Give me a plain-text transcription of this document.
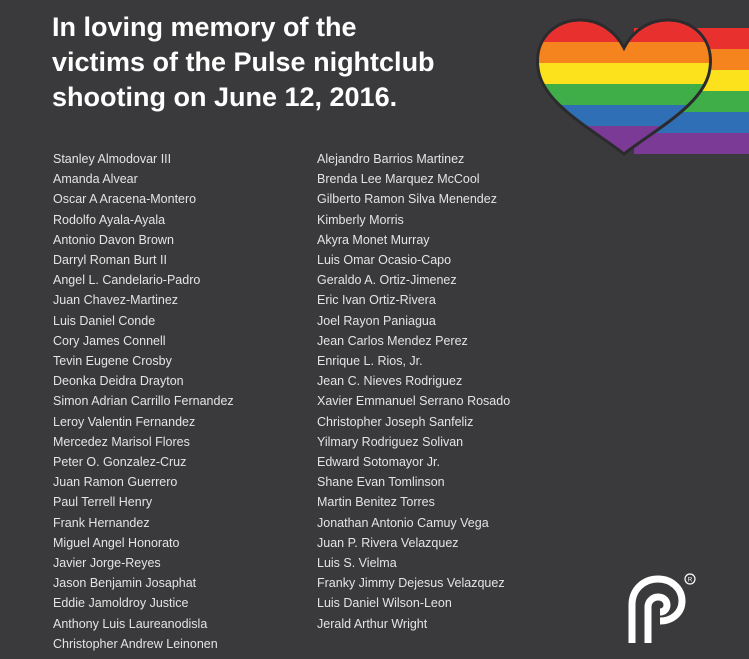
In loving memory of the
victims of the Pulse nightclub
shooting on June 12, 2016.
Stanley Almodovar III
Amanda Alvear
Oscar A Aracena-Montero
Rodolfo Ayala-Ayala
Antonio Davon Brown
Darryl Roman Burt II
Angel L. Candelario-Padro
Juan Chavez-Martinez
Luis Daniel Conde
Cory James Connell
Tevin Eugene Crosby
Deonka Deidra Drayton
Simon Adrian Carrillo Fernandez
Leroy Valentin Fernandez
Mercedez Marisol Flores
Peter O. Gonzalez-Cruz
Juan Ramon Guerrero
Paul Terrell Henry
Frank Hernandez
Miguel Angel Honorato
Javier Jorge-Reyes
Jason Benjamin Josaphat
Eddie Jamoldroy Justice
Anthony Luis Laureanodisla
Christopher Andrew Leinonen
Alejandro Barrios Martinez
Brenda Lee Marquez McCool
Gilberto Ramon Silva Menendez
Kimberly Morris
Akyra Monet Murray
Luis Omar Ocasio-Capo
Geraldo A. Ortiz-Jimenez
Eric Ivan Ortiz-Rivera
Joel Rayon Paniagua
Jean Carlos Mendez Perez
Enrique L. Rios, Jr.
Jean C. Nieves Rodriguez
Xavier Emmanuel Serrano Rosado
Christopher Joseph Sanfeliz
Yilmary Rodriguez Solivan
Edward Sotomayor Jr.
Shane Evan Tomlinson
Martin Benitez Torres
Jonathan Antonio Camuy Vega
Juan P. Rivera Velazquez
Luis S. Vielma
Franky Jimmy Dejesus Velazquez
Luis Daniel Wilson-Leon
Jerald Arthur Wright
R
